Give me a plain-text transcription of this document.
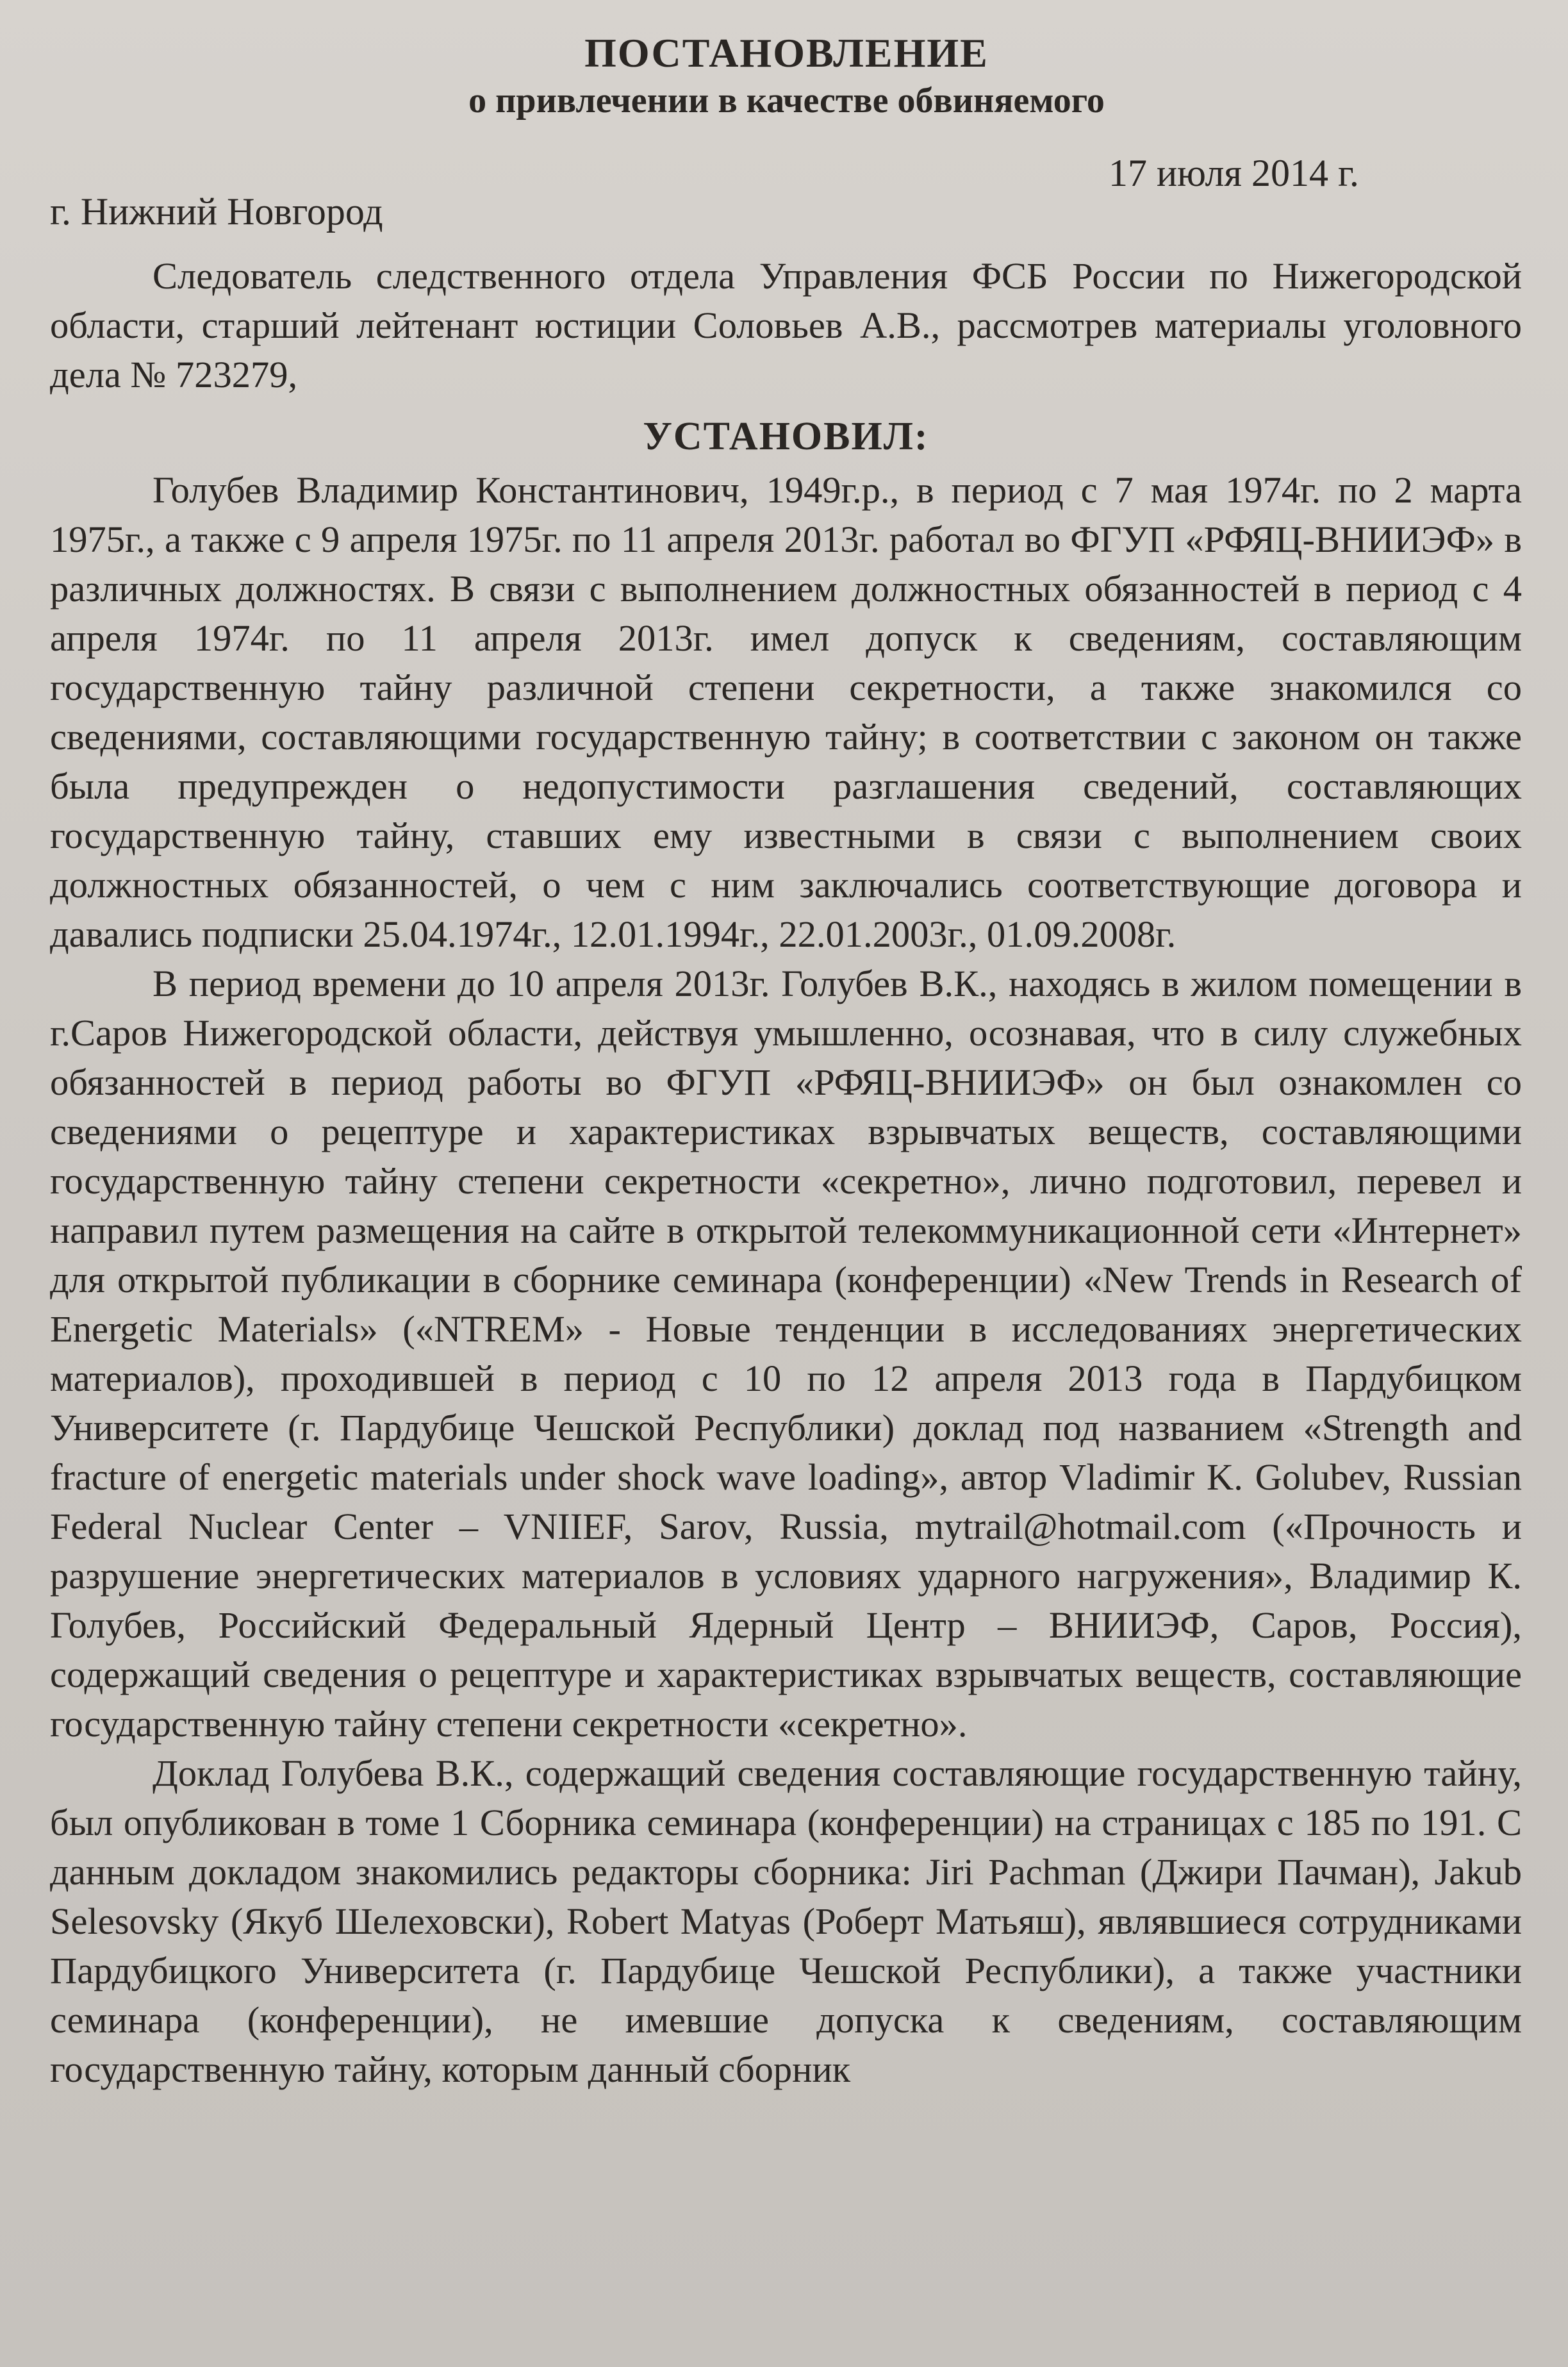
ПОСТАНОВЛЕНИЕ
о привлечении в качестве обвиняемого
17 июля 2014 г.
г. Нижний Новгород

Следователь следственного отдела Управления ФСБ России по Нижегородской области, старший лейтенант юстиции Соловьев А.В., рассмотрев материалы уголовного дела № 723279,

УСТАНОВИЛ:

Голубев Владимир Константинович, 1949г.р., в период с 7 мая 1974г. по 2 марта 1975г., а также с 9 апреля 1975г. по 11 апреля 2013г. работал во ФГУП «РФЯЦ-ВНИИЭФ» в различных должностях. В связи с выполнением должностных обязанностей в период с 4 апреля 1974г. по 11 апреля 2013г. имел допуск к сведениям, составляющим государственную тайну различной степени секретности, а также знакомился со сведениями, составляющими государственную тайну; в соответствии с законом он также была предупрежден о недопустимости разглашения сведений, составляющих государственную тайну, ставших ему известными в связи с выполнением своих должностных обязанностей, о чем с ним заключались соответствующие договора и давались подписки 25.04.1974г., 12.01.1994г., 22.01.2003г., 01.09.2008г.

В период времени до 10 апреля 2013г. Голубев В.К., находясь в жилом помещении в г.Саров Нижегородской области, действуя умышленно, осознавая, что в силу служебных обязанностей в период работы во ФГУП «РФЯЦ-ВНИИЭФ» он был ознакомлен со сведениями о рецептуре и характеристиках взрывчатых веществ, составляющими государственную тайну степени секретности «секретно», лично подготовил, перевел и направил путем размещения на сайте в открытой телекоммуникационной сети «Интернет» для открытой публикации в сборнике семинара (конференции) «New Trends in Research of Energetic Materials» («NTREM» - Новые тенденции в исследованиях энергетических материалов), проходившей в период с 10 по 12 апреля 2013 года в Пардубицком Университете (г. Пардубице Чешской Республики) доклад под названием «Strength and fracture of energetic materials under shock wave loading», автор Vladimir K. Golubev, Russian Federal Nuclear Center – VNIIEF, Sarov, Russia, mytrail@hotmail.com («Прочность и разрушение энергетических материалов в условиях ударного нагружения», Владимир К. Голубев, Российский Федеральный Ядерный Центр – ВНИИЭФ, Саров, Россия), содержащий сведения о рецептуре и характеристиках взрывчатых веществ, составляющие государственную тайну степени секретности «секретно».

Доклад Голубева В.К., содержащий сведения составляющие государственную тайну, был опубликован в томе 1 Сборника семинара (конференции) на страницах с 185 по 191. С данным докладом знакомились редакторы сборника: Jiri Pachman (Джири Пачман), Jakub Selesovsky (Якуб Шелеховски), Robert Matyas (Роберт Матьяш), являвшиеся сотрудниками Пардубицкого Университета (г. Пардубице Чешской Республики), а также участники семинара (конференции), не имевшие допуска к сведениям, составляющим государственную тайну, которым данный сборник
